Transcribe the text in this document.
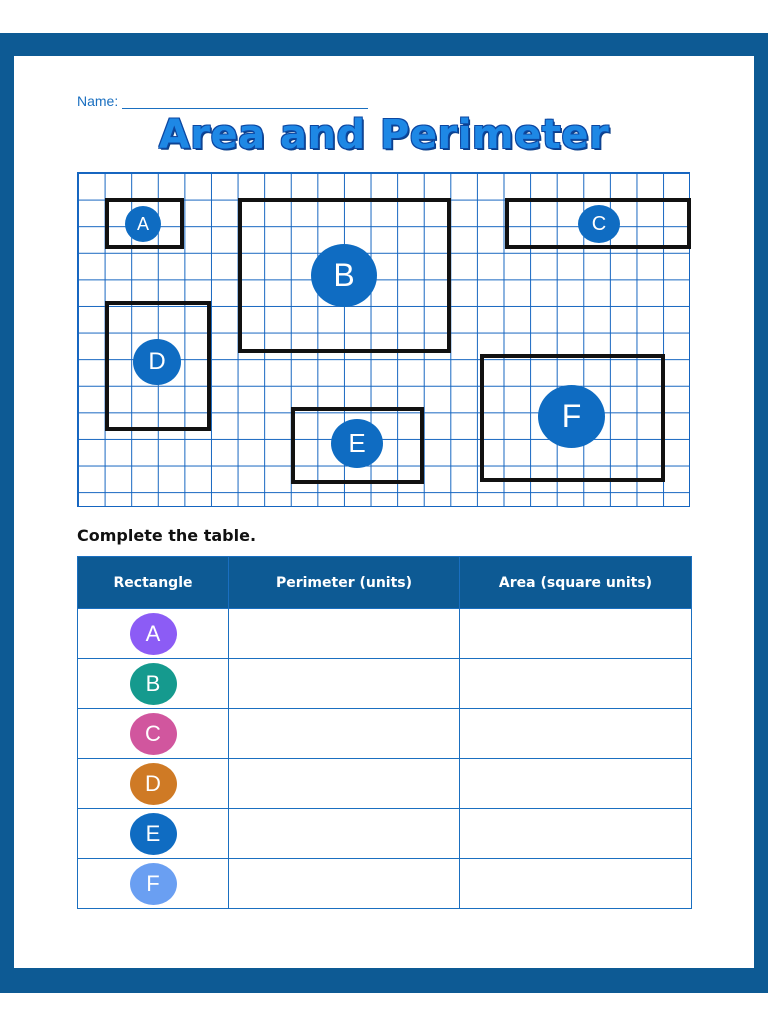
Name:
Area and Perimeter
A
B
C
D
E
F
Complete the table.
Rectangle	Perimeter (units)	Area (square units)
A		
B		
C		
D		
E		
F		
